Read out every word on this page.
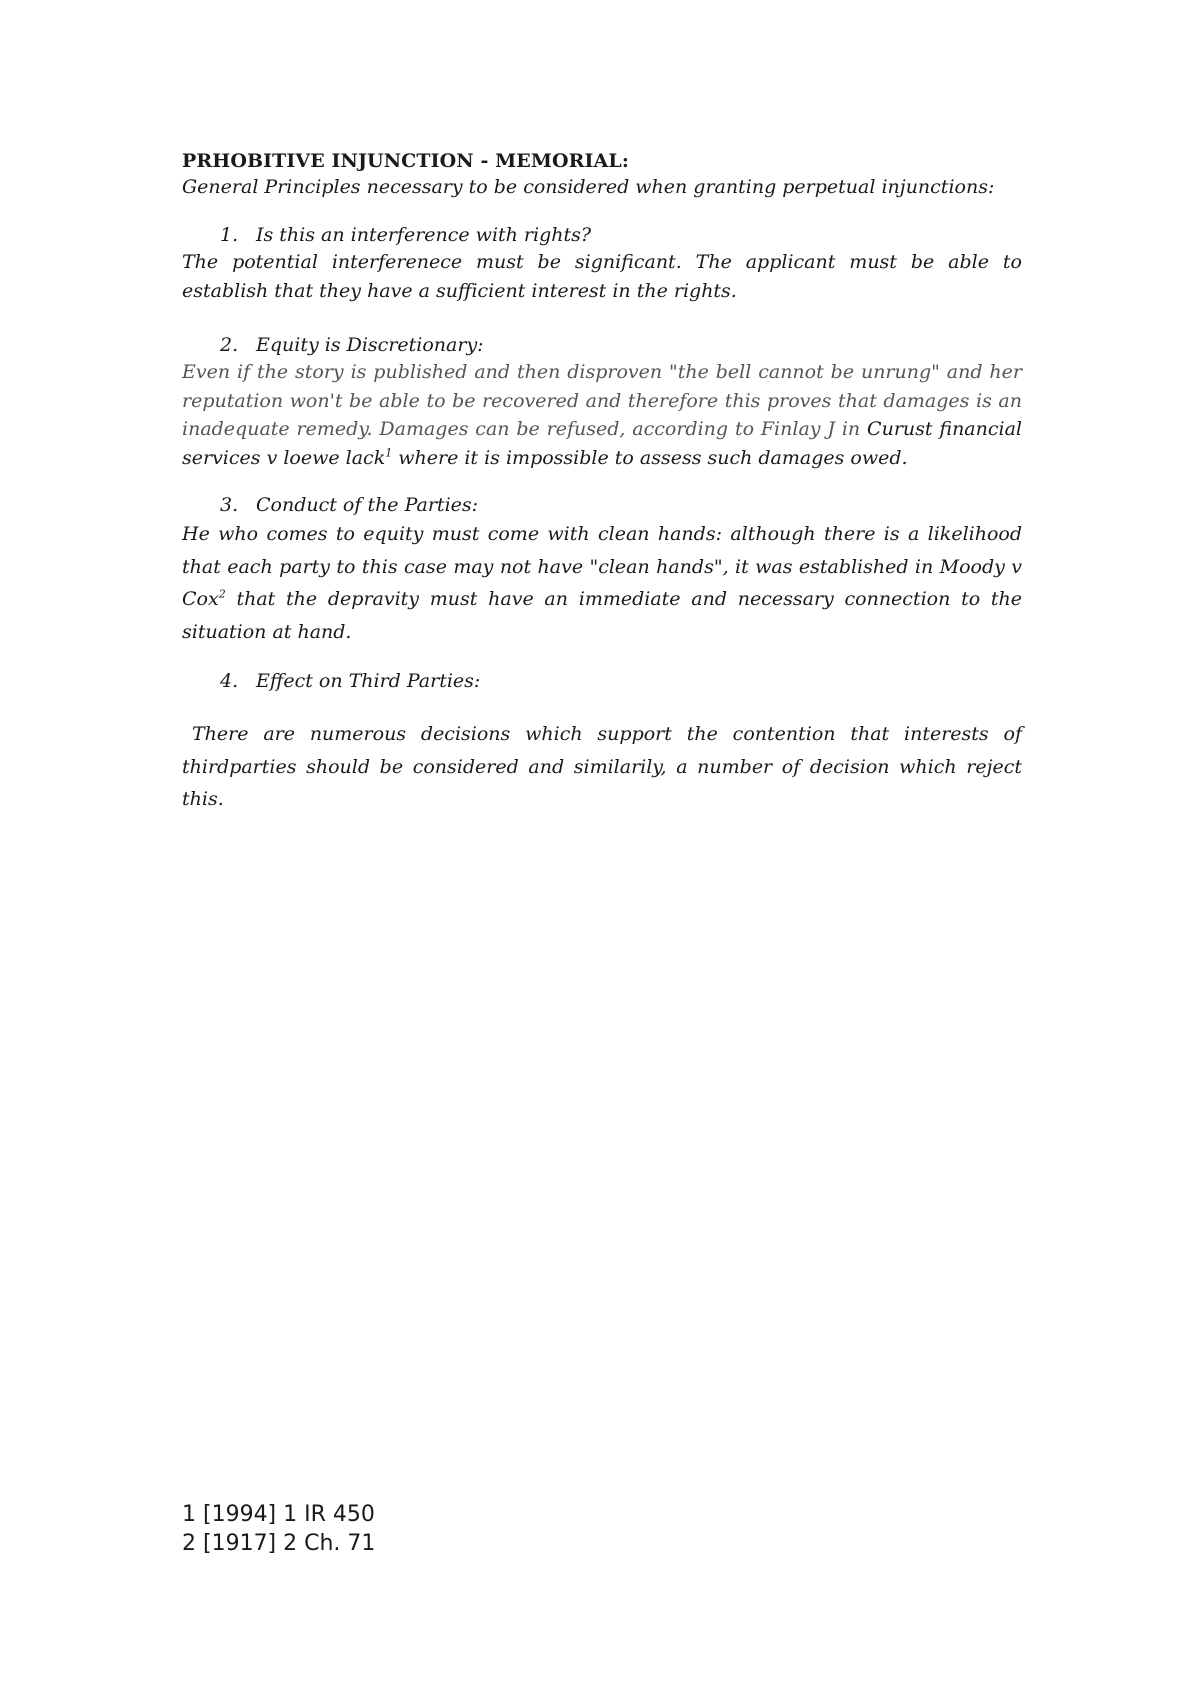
PRHOBITIVE INJUNCTION - MEMORIAL:

General Principles necessary to be considered when granting perpetual injunctions:

1. Is this an interference with rights?

The potential interferenece must be significant. The applicant must be able to establish that they have a sufficient interest in the rights.

2. Equity is Discretionary:

Even if the story is published and then disproven "the bell cannot be unrung" and her reputation won't be able to be recovered and therefore this proves that damages is an inadequate remedy. Damages can be refused, according to Finlay J in Curust financial services v loewe lack$^1$ where it is impossible to assess such damages owed.

3. Conduct of the Parties:

He who comes to equity must come with clean hands: although there is a likelihood that each party to this case may not have "clean hands", it was established in Moody v Cox$^2$ that the depravity must have an immediate and necessary connection to the situation at hand.

4. Effect on Third Parties:

There are numerous decisions which support the contention that interests of thirdparties should be considered and similarily, a number of decision which reject this.

1 [1994] 1 IR 450

2 [1917] 2 Ch. 71
